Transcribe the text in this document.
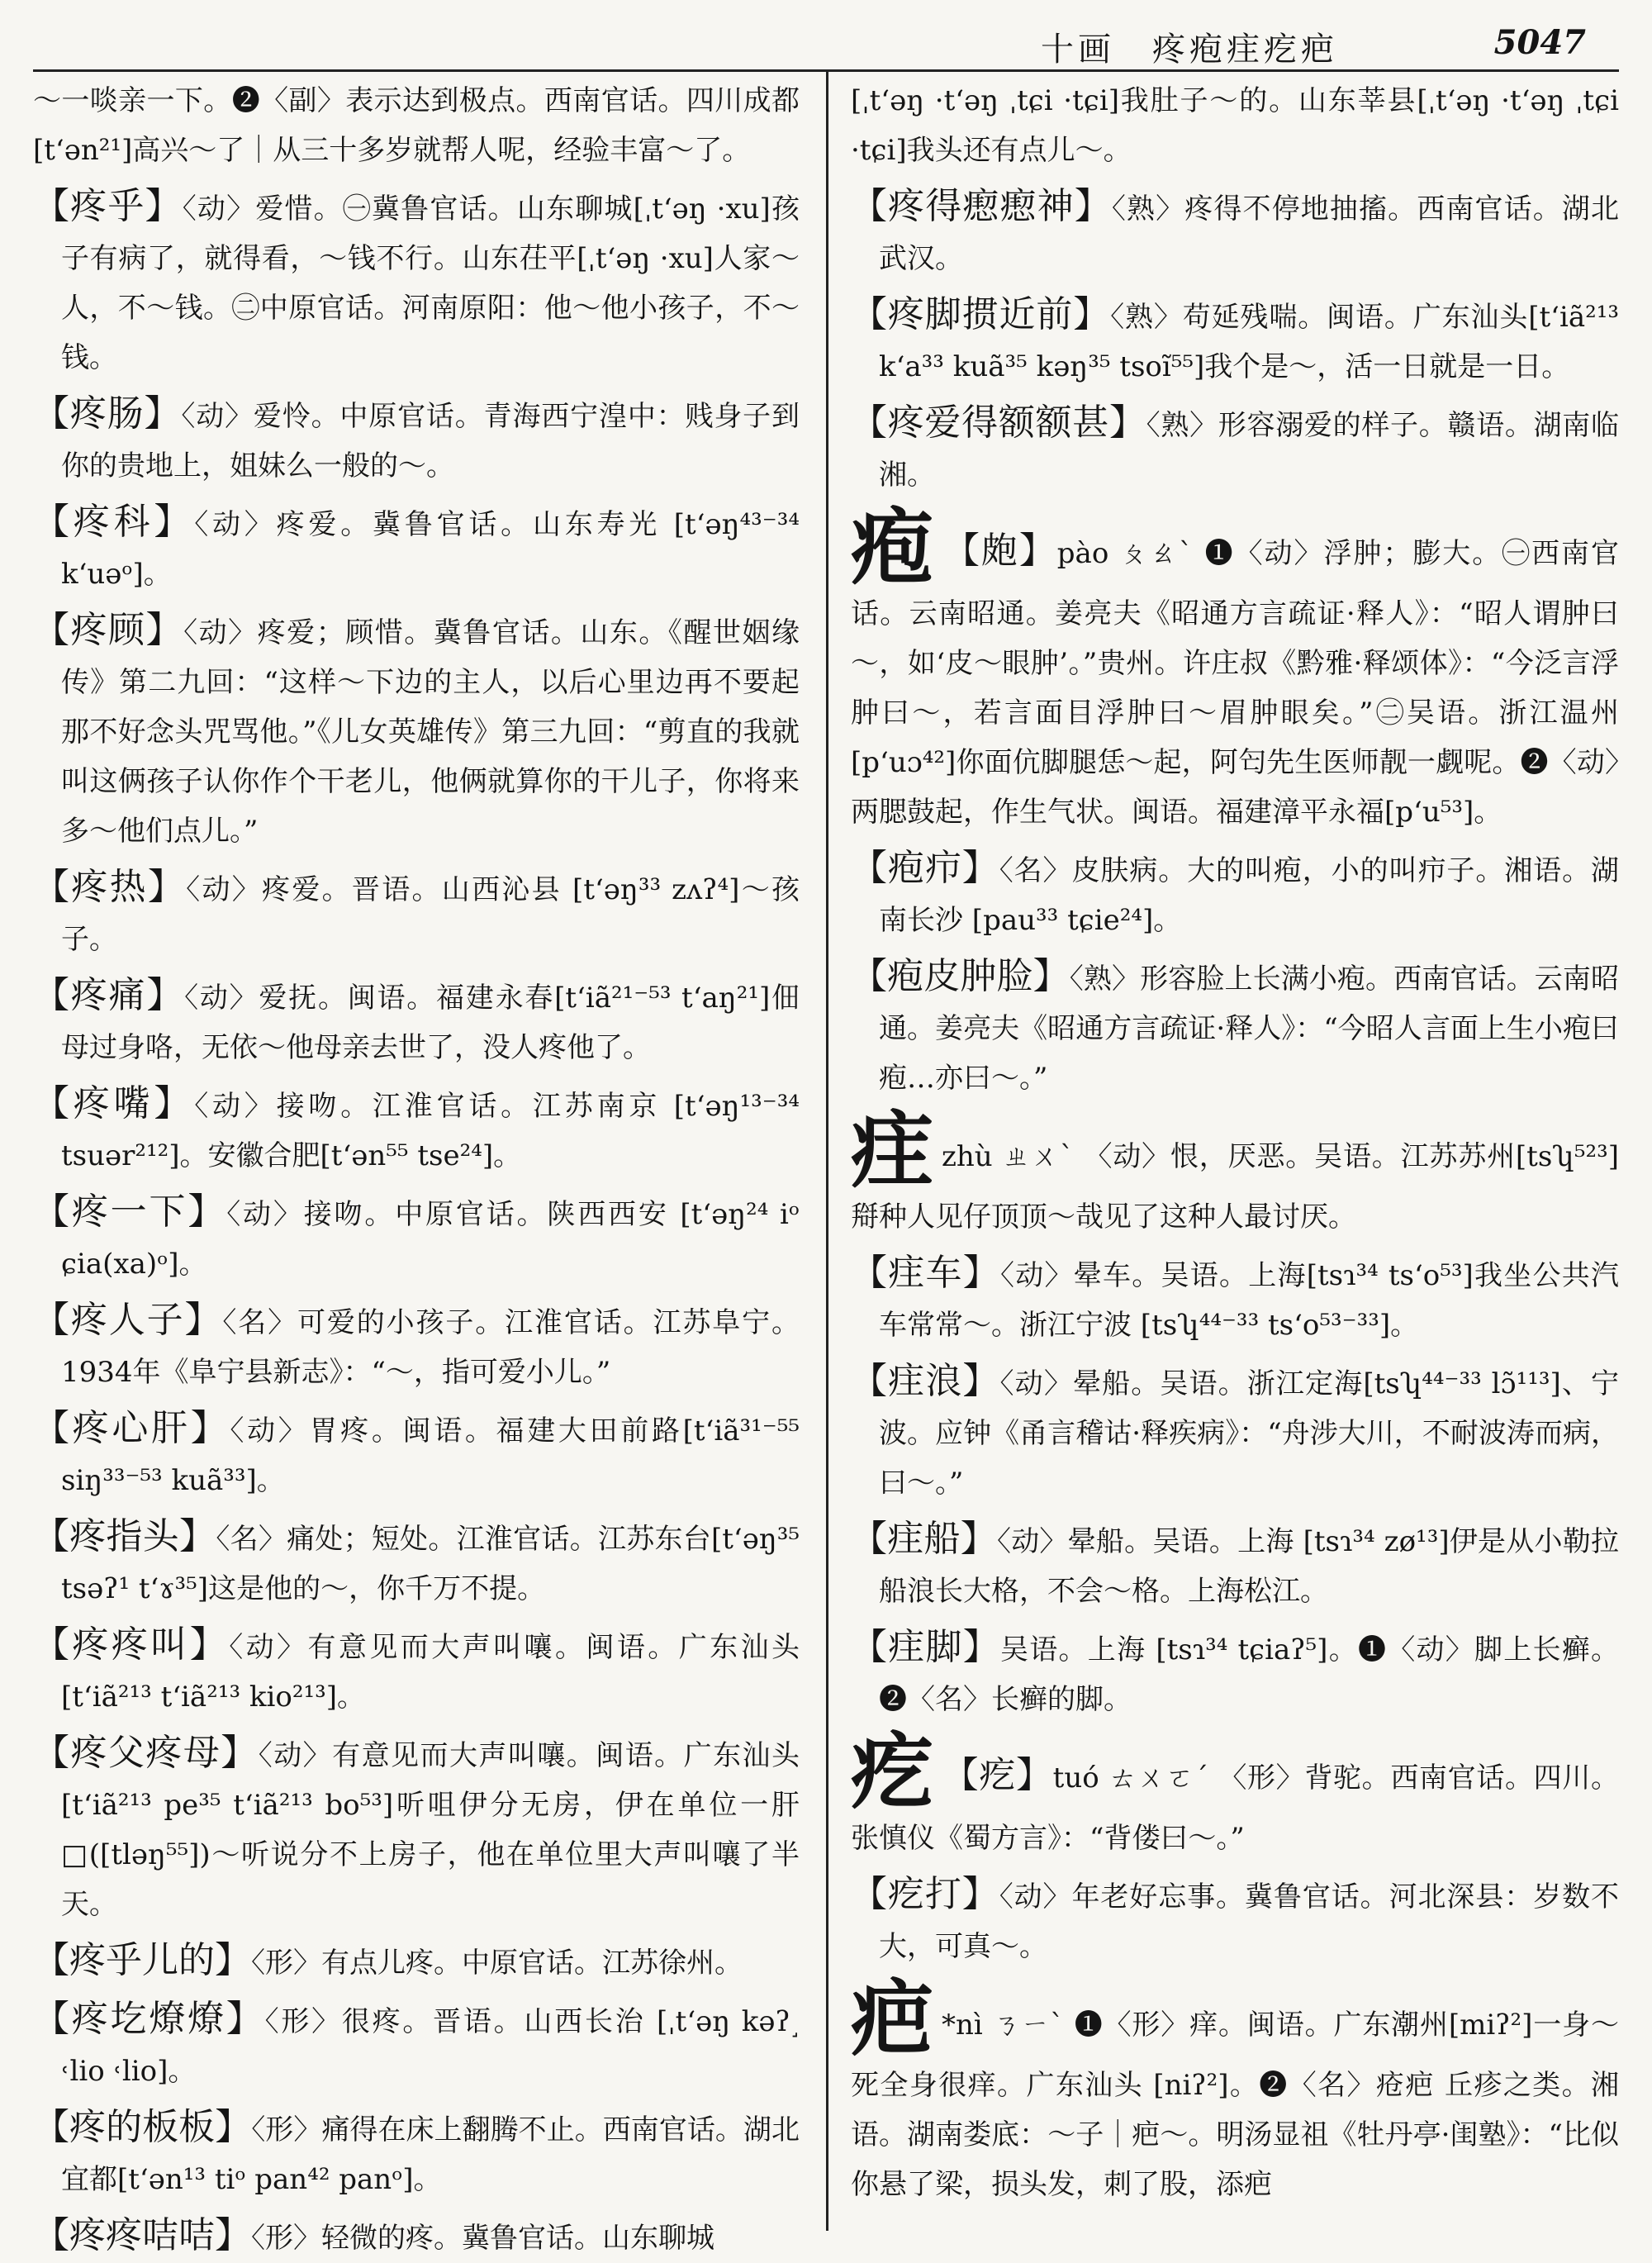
十画　疼疱疰疙疤	5047
～一啖亲一下。❷〈副〉表示达到极点。西南官话。四川成都[tʻən²¹]高兴～了｜从三十多岁就帮人呢，经验丰富～了。
【疼乎】〈动〉爱惜。㊀冀鲁官话。山东聊城[ˌtʻəŋ ·xu]孩子有病了，就得看，～钱不行。山东茌平[ˌtʻəŋ ·xu]人家～人，不～钱。㊁中原官话。河南原阳：他～他小孩子，不～钱。
【疼肠】〈动〉爱怜。中原官话。青海西宁湟中：贱身子到你的贵地上，姐妹么一般的～。
【疼科】〈动〉疼爱。冀鲁官话。山东寿光 [tʻəŋ⁴³⁻³⁴ kʻuəᵒ]。
【疼顾】〈动〉疼爱；顾惜。冀鲁官话。山东。《醒世姻缘传》第二九回：“这样～下边的主人，以后心里边再不要起那不好念头咒骂他。”《儿女英雄传》第三九回：“剪直的我就叫这俩孩子认你作个干老儿，他俩就算你的干儿子，你将来多～他们点儿。”
【疼热】〈动〉疼爱。晋语。山西沁县 [tʻəŋ³³ zʌʔ⁴]～孩子。
【疼痛】〈动〉爱抚。闽语。福建永春[tʻiã²¹⁻⁵³ tʻaŋ²¹]佃母过身咯，无依～他母亲去世了，没人疼他了。
【疼嘴】〈动〉接吻。江淮官话。江苏南京 [tʻəŋ¹³⁻³⁴ tsuər²¹²]。安徽合肥[tʻən⁵⁵ tse²⁴]。
【疼一下】〈动〉接吻。中原官话。陕西西安 [tʻəŋ²⁴ iᵒ ɕia(xa)ᵒ]。
【疼人子】〈名〉可爱的小孩子。江淮官话。江苏阜宁。1934年《阜宁县新志》：“～，指可爱小儿。”
【疼心肝】〈动〉胃疼。闽语。福建大田前路[tʻiã³¹⁻⁵⁵ siŋ³³⁻⁵³ kuã³³]。
【疼指头】〈名〉痛处；短处。江淮官话。江苏东台[tʻəŋ³⁵ tsəʔ¹ tʻɤ³⁵]这是他的～，你千万不提。
【疼疼叫】〈动〉有意见而大声叫嚷。闽语。广东汕头[tʻiã²¹³ tʻiã²¹³ kio²¹³]。
【疼父疼母】〈动〉有意见而大声叫嚷。闽语。广东汕头[tʻiã²¹³ pe³⁵ tʻiã²¹³ bo⁵³]听咀伊分无房，伊在单位一肝□([tləŋ⁵⁵])～听说分不上房子，他在单位里大声叫嚷了半天。
【疼乎儿的】〈形〉有点儿疼。中原官话。江苏徐州。
【疼圪燎燎】〈形〉很疼。晋语。山西长治 [ˌtʻəŋ kəʔ˼ ˓lio ˓lio]。
【疼的板板】〈形〉痛得在床上翻腾不止。西南官话。湖北宜都[tʻən¹³ tiᵒ pan⁴² panᵒ]。
【疼疼咭咭】〈形〉轻微的疼。冀鲁官话。山东聊城
[ˌtʻəŋ ·tʻəŋ ˌtɕi ·tɕi]我肚子～的。山东莘县[ˌtʻəŋ ·tʻəŋ ˌtɕi ·tɕi]我头还有点儿～。
【疼得瘛瘛神】〈熟〉疼得不停地抽搐。西南官话。湖北武汉。
【疼脚掼近前】〈熟〉苟延残喘。闽语。广东汕头[tʻiã²¹³ kʻa³³ kuã³⁵ kəŋ³⁵ tsoĩ⁵⁵]我个是～，活一日就是一日。
【疼爱得额额甚】〈熟〉形容溺爱的样子。赣语。湖南临湘。
疱 【皰】pào ㄆㄠˋ ❶〈动〉浮肿；膨大。㊀西南官话。云南昭通。姜亮夫《昭通方言疏证·释人》：“昭人谓肿曰～，如‘皮～眼肿’。”贵州。许庄叔《黔雅·释颂体》：“今泛言浮肿曰～，若言面目浮肿曰～眉肿眼矣。”㊁吴语。浙江温州[pʻuɔ⁴²]你面伉脚腿恁～起，阿匄先生医师靓一觑呢。❷〈动〉两腮鼓起，作生气状。闽语。福建漳平永福[pʻu⁵³]。
【疱疖】〈名〉皮肤病。大的叫疱，小的叫疖子。湘语。湖南长沙 [pau³³ tɕie²⁴]。
【疱皮肿脸】〈熟〉形容脸上长满小疱。西南官话。云南昭通。姜亮夫《昭通方言疏证·释人》：“今昭人言面上生小疱曰疱…亦曰～。”
疰zhù ㄓㄨˋ 〈动〉恨，厌恶。吴语。江苏苏州[tsʮ⁵²³]搿种人见仔顶顶～哉见了这种人最讨厌。
【疰车】〈动〉晕车。吴语。上海[tsɿ³⁴ tsʻo⁵³]我坐公共汽车常常～。浙江宁波 [tsʮ⁴⁴⁻³³ tsʻo⁵³⁻³³]。
【疰浪】〈动〉晕船。吴语。浙江定海[tsʮ⁴⁴⁻³³ lɔ̃¹¹³]、宁波。应钟《甬言稽诂·释疾病》：“舟涉大川，不耐波涛而病，曰～。”
【疰船】〈动〉晕船。吴语。上海 [tsɿ³⁴ zø¹³]伊是从小勒拉船浪长大格，不会～格。上海松江。
【疰脚】吴语。上海 [tsɿ³⁴ tɕiaʔ⁵]。❶〈动〉脚上长癣。❷〈名〉长癣的脚。
疙 【疙】tuó ㄊㄨㄛˊ 〈形〉背驼。西南官话。四川。张慎仪《蜀方言》：“背偻曰～。”
【疙打】〈动〉年老好忘事。冀鲁官话。河北深县：岁数不大，可真～。
疤 *nì ㄋㄧˋ ❶〈形〉痒。闽语。广东潮州[miʔ²]一身～死全身很痒。广东汕头 [niʔ²]。❷〈名〉疮疤 丘疹之类。湘语。湖南娄底：～子｜疤～。明汤显祖《牡丹亭·闺塾》：“比似你悬了梁，损头发，刺了股，添疤
